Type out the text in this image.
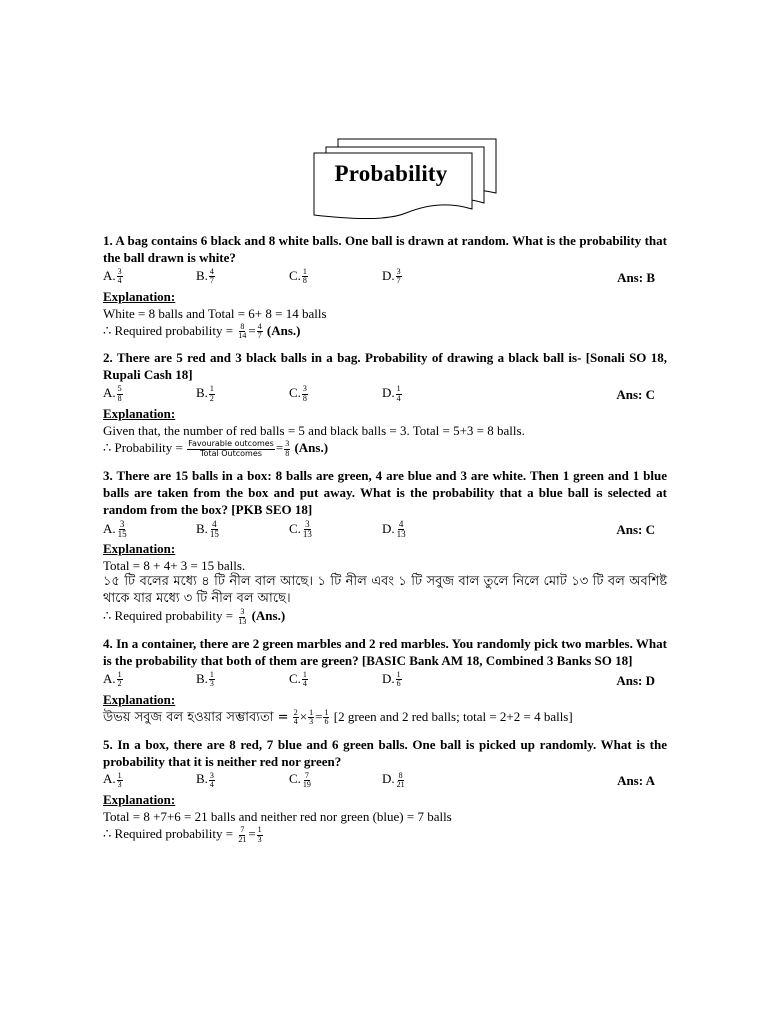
Probability

1. A bag contains 6 black and 8 white balls. One ball is drawn at random. What is the probability that the ball drawn is white?

A. $\frac{3}{4}$	B. $\frac{4}{7}$	C. $\frac{1}{8}$	D. $\frac{3}{7}$	Ans: B
Explanation:
White = 8 balls and Total = 6+ 8 = 14 balls
∴ Required probability = $\frac{8}{14} = \frac{4}{7} (Ans.)$

2. There are 5 red and 3 black balls in a bag. Probability of drawing a black ball is- [Sonali SO 18, Rupali Cash 18]

A. $\frac{5}{8}$	B. $\frac{1}{2}$	C. $\frac{3}{8}$	D. $\frac{1}{4}$	Ans: C
Explanation:
Given that, the number of red balls = 5 and black balls = 3. Total = 5+3 = 8 balls.
∴ Probability = $\frac{\text{Favourable outcomes}}{\text{Total Outcomes}} = \frac{3}{8} (Ans.)$

3. There are 15 balls in a box: 8 balls are green, 4 are blue and 3 are white. Then 1 green and 1 blue balls are taken from the box and put away. What is the probability that a blue ball is selected at random from the box? [PKB SEO 18]

A. $\frac{3}{15}$	B. $\frac{4}{15}$	C. $\frac{3}{13}$	D. $\frac{4}{13}$	Ans: C
Explanation:
Total = 8 + 4+ 3 = 15 balls.
১৫ টি বলের মধ্যে ৪ টি নীল বাল আছে। ১ টি নীল এবং ১ টি সবুজ বাল তুলে নিলে মোট ১৩ টি বল অবশিষ্ট থাকে যার মধ্যে ৩ টি নীল বল আছে।
∴ Required probability = $\frac{3}{13} (Ans.)$

4. In a container, there are 2 green marbles and 2 red marbles. You randomly pick two marbles. What is the probability that both of them are green? [BASIC Bank AM 18, Combined 3 Banks SO 18]

A. $\frac{1}{2}$	B. $\frac{1}{3}$	C. $\frac{1}{4}$	D. $\frac{1}{6}$	Ans: D
Explanation:
উভয় সবুজ বল হওয়ার সম্ভাব্যতা = $\frac{2}{4} \times \frac{1}{3} = \frac{1}{6} [2$ green and 2 red balls; total = 2+2 = 4 balls]

5. In a box, there are 8 red, 7 blue and 6 green balls. One ball is picked up randomly. What is the probability that it is neither red nor green?

A. $\frac{1}{3}$	B. $\frac{3}{4}$	C. $\frac{7}{19}$	D. $\frac{8}{21}$	Ans: A
Explanation:
Total = 8 +7+6 = 21 balls and neither red nor green (blue) = 7 balls
∴ Required probability = $\frac{7}{21} = \frac{1}{3}$
